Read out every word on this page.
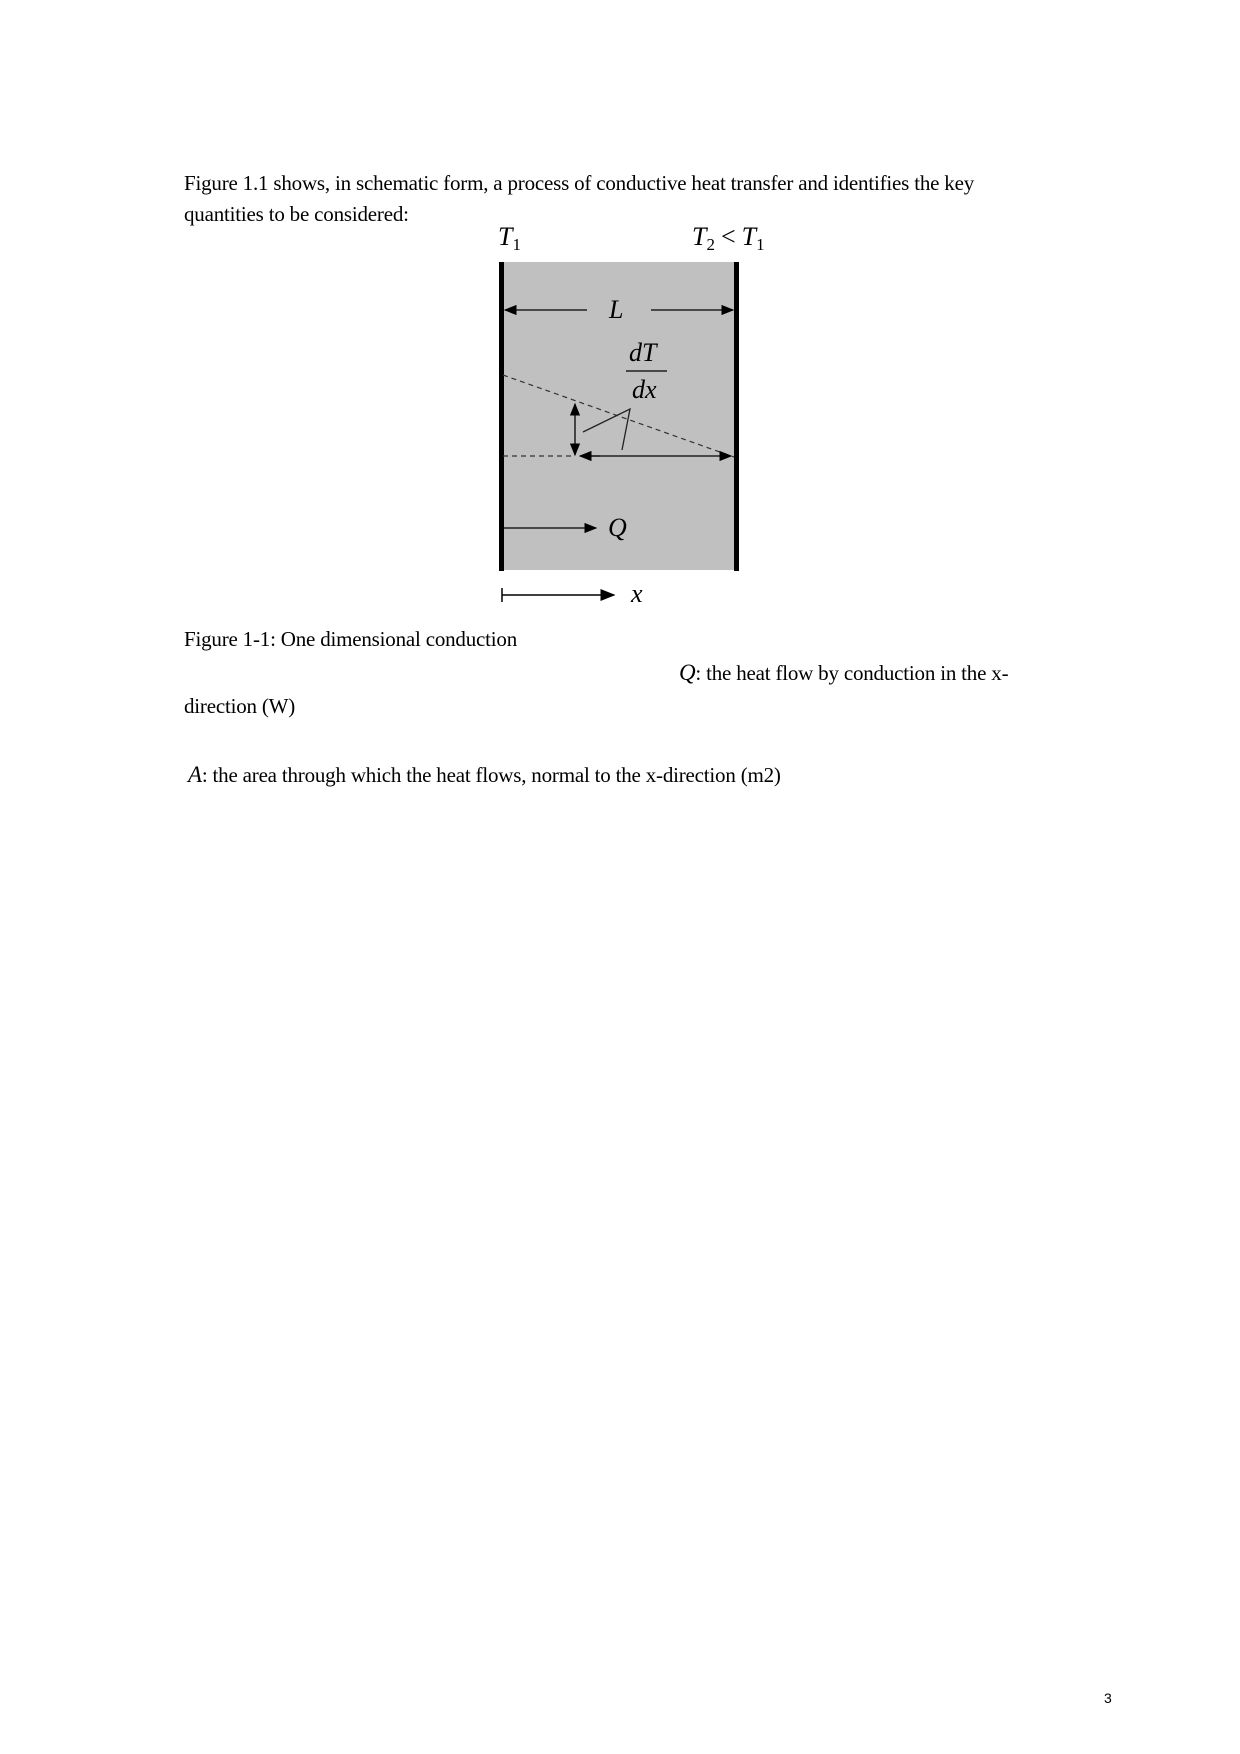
Figure 1.1 shows, in schematic form, a process of conductive heat transfer and identifies the key
quantities to be considered:
T1	T2 < T1
L
dT
dx
Q
x
Figure 1-1: One dimensional conduction
Q: the heat flow by conduction in the x-
direction (W)
A: the area through which the heat flows, normal to the x-direction (m2)
3
